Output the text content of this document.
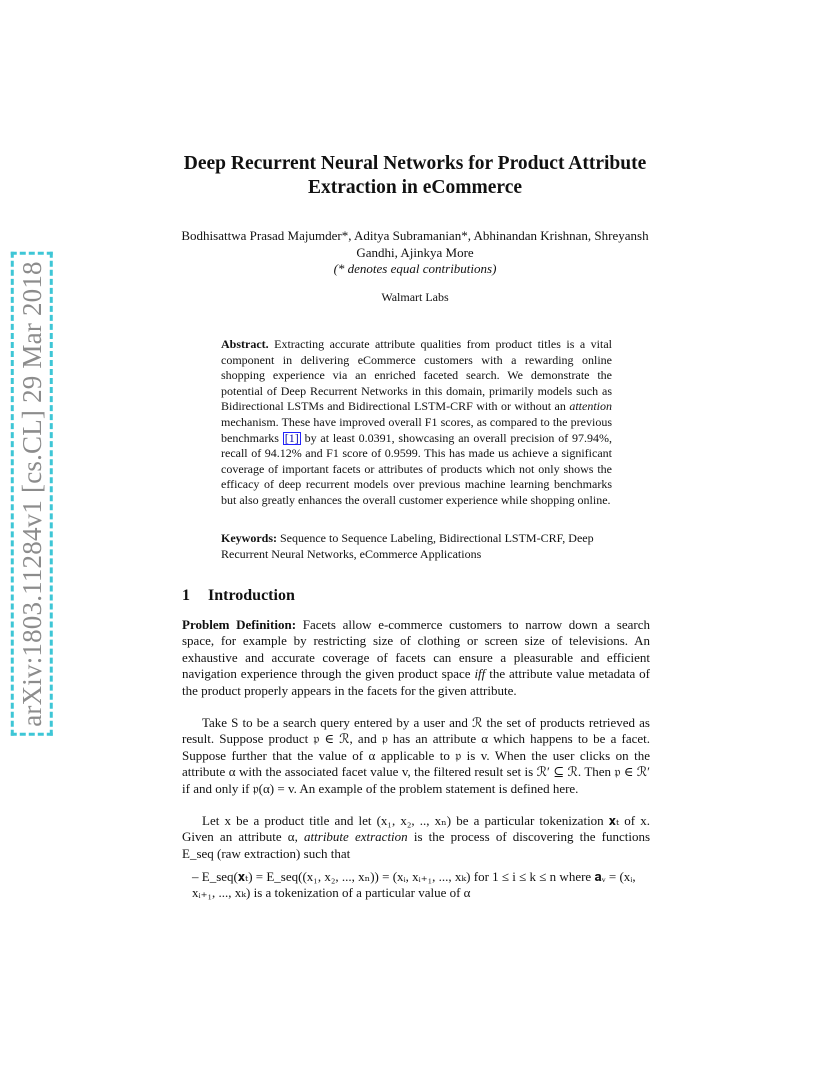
arXiv:1803.11284v1 [cs.CL] 29 Mar 2018
Deep Recurrent Neural Networks for Product Attribute Extraction in eCommerce

Bodhisattwa Prasad Majumder*, Aditya Subramanian*, Abhinandan Krishnan, Shreyansh Gandhi, Ajinkya More
(* denotes equal contributions)

Walmart Labs

Abstract. Extracting accurate attribute qualities from product titles is a vital component in delivering eCommerce customers with a rewarding online shopping experience via an enriched faceted search. We demonstrate the potential of Deep Recurrent Networks in this domain, primarily models such as Bidirectional LSTMs and Bidirectional LSTM-CRF with or without an attention mechanism. These have improved overall F1 scores, as compared to the previous benchmarks [1] by at least 0.0391, showcasing an overall precision of 97.94%, recall of 94.12% and F1 score of 0.9599. This has made us achieve a significant coverage of important facets or attributes of products which not only shows the efficacy of deep recurrent models over previous machine learning benchmarks but also greatly enhances the overall customer experience while shopping online.

Keywords: Sequence to Sequence Labeling, Bidirectional LSTM-CRF, Deep Recurrent Neural Networks, eCommerce Applications

1 Introduction

Problem Definition: Facets allow e-commerce customers to narrow down a search space, for example by restricting size of clothing or screen size of televisions. An exhaustive and accurate coverage of facets can ensure a pleasurable and efficient navigation experience through the given product space iff the attribute value metadata of the product properly appears in the facets for the given attribute.

Take S to be a search query entered by a user and ℛ the set of products retrieved as result. Suppose product 𝔭 ∈ ℛ, and 𝔭 has an attribute α which happens to be a facet. Suppose further that the value of α applicable to 𝔭 is v. When the user clicks on the attribute α with the associated facet value v, the filtered result set is ℛ′ ⊆ ℛ. Then 𝔭 ∈ ℛ′ if and only if 𝔭(α) = v. An example of the problem statement is defined here.

Let x be a product title and let (x₁, x₂, .., xₙ) be a particular tokenization 𝐱ₜ of x. Given an attribute α, attribute extraction is the process of discovering the functions E_seq (raw extraction) such that

– E_seq(𝐱ₜ) = E_seq((x₁, x₂, ..., xₙ)) = (xᵢ, xᵢ₊₁, ..., xₖ) for 1 ≤ i ≤ k ≤ n where 𝐚ᵥ = (xᵢ, xᵢ₊₁, ..., xₖ) is a tokenization of a particular value of α
